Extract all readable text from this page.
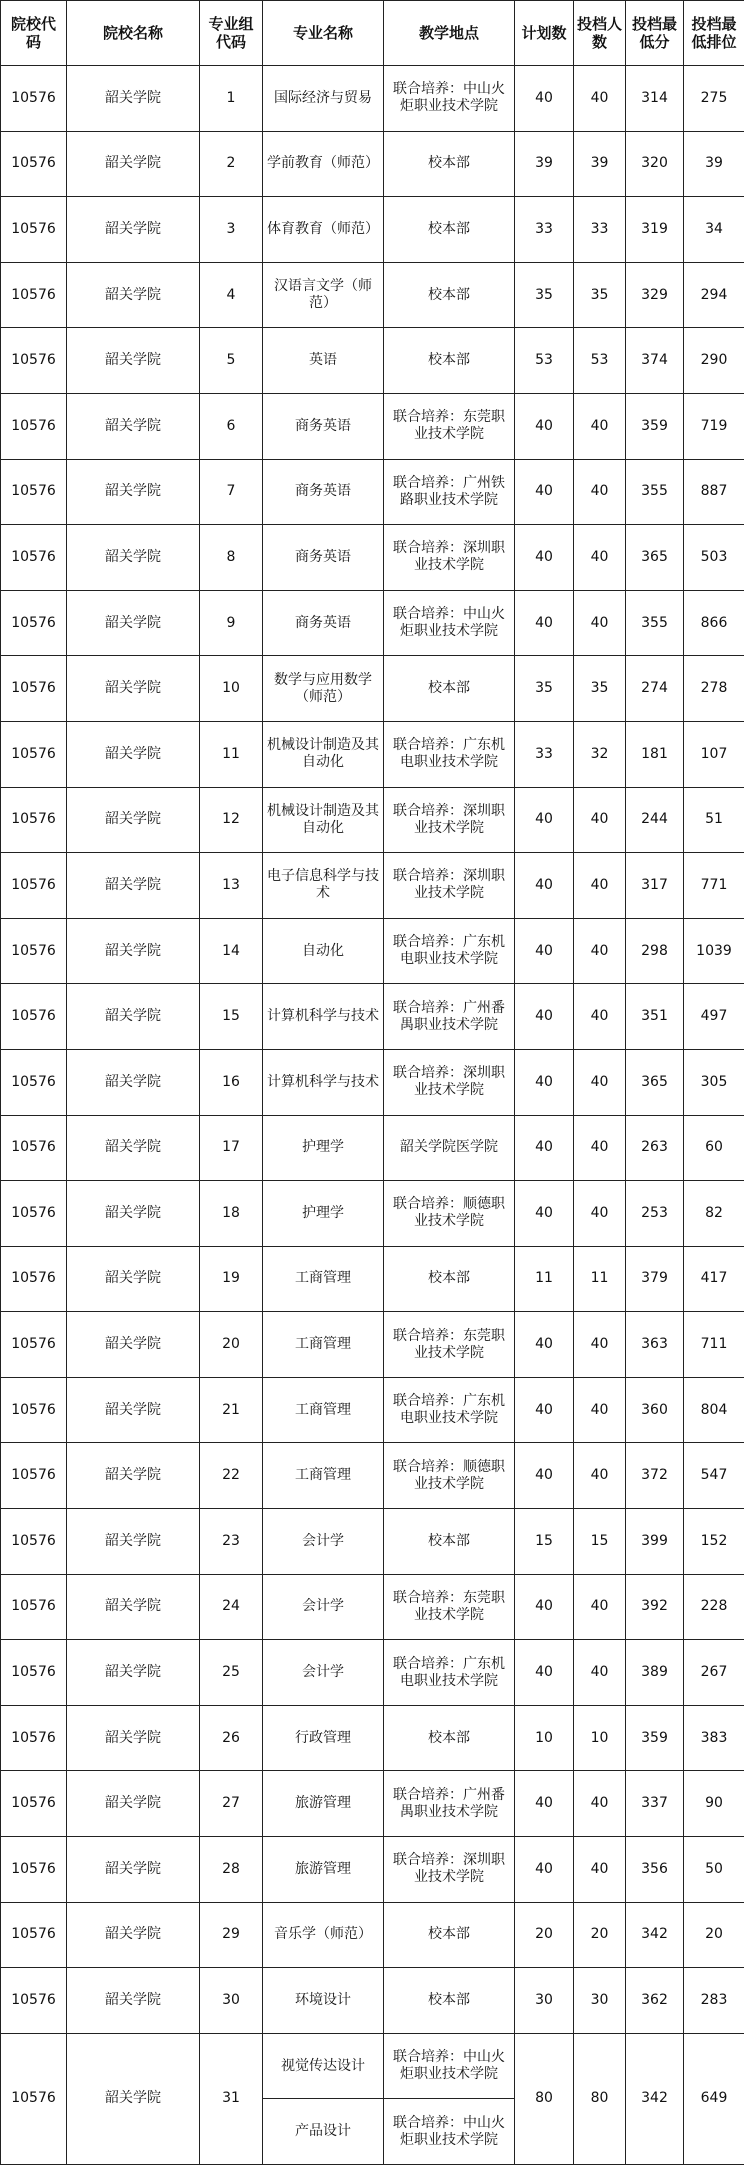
院校代码	院校名称	专业组代码	专业名称	教学地点	计划数	投档人数	投档最低分	投档最低排位
10576	韶关学院	1	国际经济与贸易	联合培养：中山火炬职业技术学院	40	40	314	275
10576	韶关学院	2	学前教育（师范）	校本部	39	39	320	39
10576	韶关学院	3	体育教育（师范）	校本部	33	33	319	34
10576	韶关学院	4	汉语言文学（师范）	校本部	35	35	329	294
10576	韶关学院	5	英语	校本部	53	53	374	290
10576	韶关学院	6	商务英语	联合培养：东莞职业技术学院	40	40	359	719
10576	韶关学院	7	商务英语	联合培养：广州铁路职业技术学院	40	40	355	887
10576	韶关学院	8	商务英语	联合培养：深圳职业技术学院	40	40	365	503
10576	韶关学院	9	商务英语	联合培养：中山火炬职业技术学院	40	40	355	866
10576	韶关学院	10	数学与应用数学（师范）	校本部	35	35	274	278
10576	韶关学院	11	机械设计制造及其自动化	联合培养：广东机电职业技术学院	33	32	181	107
10576	韶关学院	12	机械设计制造及其自动化	联合培养：深圳职业技术学院	40	40	244	51
10576	韶关学院	13	电子信息科学与技术	联合培养：深圳职业技术学院	40	40	317	771
10576	韶关学院	14	自动化	联合培养：广东机电职业技术学院	40	40	298	1039
10576	韶关学院	15	计算机科学与技术	联合培养：广州番禺职业技术学院	40	40	351	497
10576	韶关学院	16	计算机科学与技术	联合培养：深圳职业技术学院	40	40	365	305
10576	韶关学院	17	护理学	韶关学院医学院	40	40	263	60
10576	韶关学院	18	护理学	联合培养：顺德职业技术学院	40	40	253	82
10576	韶关学院	19	工商管理	校本部	11	11	379	417
10576	韶关学院	20	工商管理	联合培养：东莞职业技术学院	40	40	363	711
10576	韶关学院	21	工商管理	联合培养：广东机电职业技术学院	40	40	360	804
10576	韶关学院	22	工商管理	联合培养：顺德职业技术学院	40	40	372	547
10576	韶关学院	23	会计学	校本部	15	15	399	152
10576	韶关学院	24	会计学	联合培养：东莞职业技术学院	40	40	392	228
10576	韶关学院	25	会计学	联合培养：广东机电职业技术学院	40	40	389	267
10576	韶关学院	26	行政管理	校本部	10	10	359	383
10576	韶关学院	27	旅游管理	联合培养：广州番禺职业技术学院	40	40	337	90
10576	韶关学院	28	旅游管理	联合培养：深圳职业技术学院	40	40	356	50
10576	韶关学院	29	音乐学（师范）	校本部	20	20	342	20
10576	韶关学院	30	环境设计	校本部	30	30	362	283
10576	韶关学院	31	视觉传达设计	联合培养：中山火炬职业技术学院	80	80	342	649
			产品设计	联合培养：中山火炬职业技术学院				
